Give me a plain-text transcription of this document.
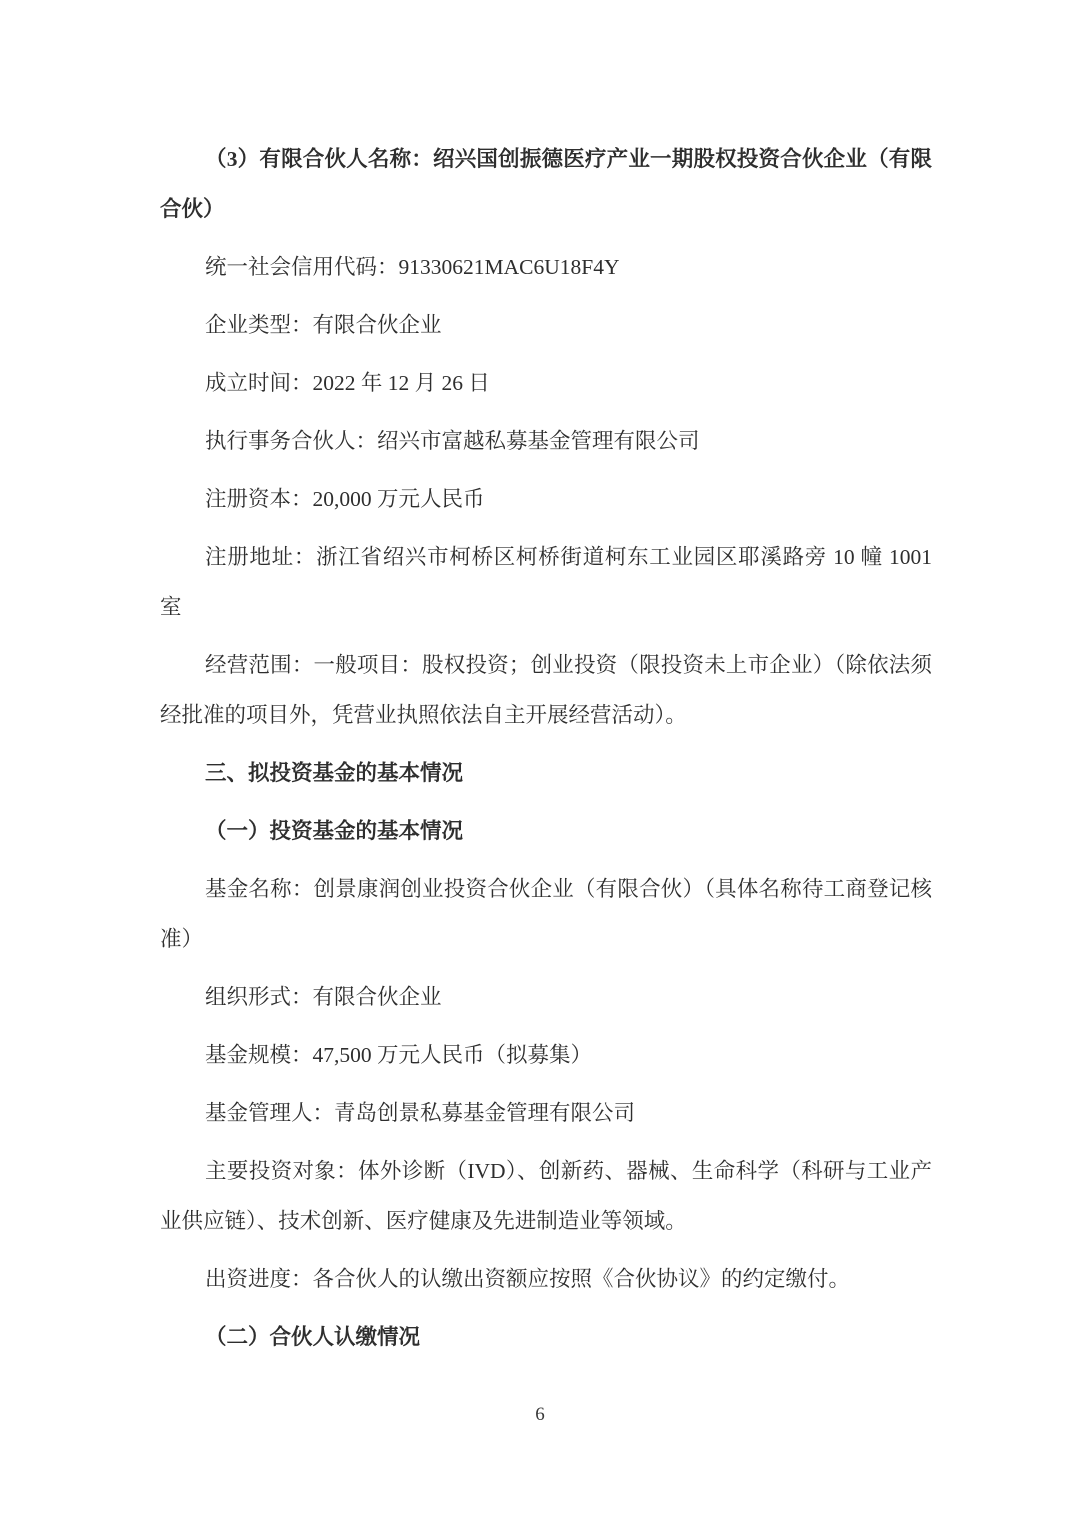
（3）有限合伙人名称：绍兴国创振德医疗产业一期股权投资合伙企业（有限合伙）

统一社会信用代码：91330621MAC6U18F4Y

企业类型：有限合伙企业

成立时间：2022 年 12 月 26 日

执行事务合伙人：绍兴市富越私募基金管理有限公司

注册资本：20,000 万元人民币

注册地址：浙江省绍兴市柯桥区柯桥街道柯东工业园区耶溪路旁 10 幢 1001 室

经营范围：一般项目：股权投资；创业投资（限投资未上市企业）（除依法须经批准的项目外，凭营业执照依法自主开展经营活动）。

三、拟投资基金的基本情况

（一）投资基金的基本情况

基金名称：创景康润创业投资合伙企业（有限合伙）（具体名称待工商登记核准）

组织形式：有限合伙企业

基金规模：47,500 万元人民币（拟募集）

基金管理人：青岛创景私募基金管理有限公司

主要投资对象：体外诊断（IVD）、创新药、器械、生命科学（科研与工业产业供应链）、技术创新、医疗健康及先进制造业等领域。

出资进度：各合伙人的认缴出资额应按照《合伙协议》的约定缴付。

（二）合伙人认缴情况

6
